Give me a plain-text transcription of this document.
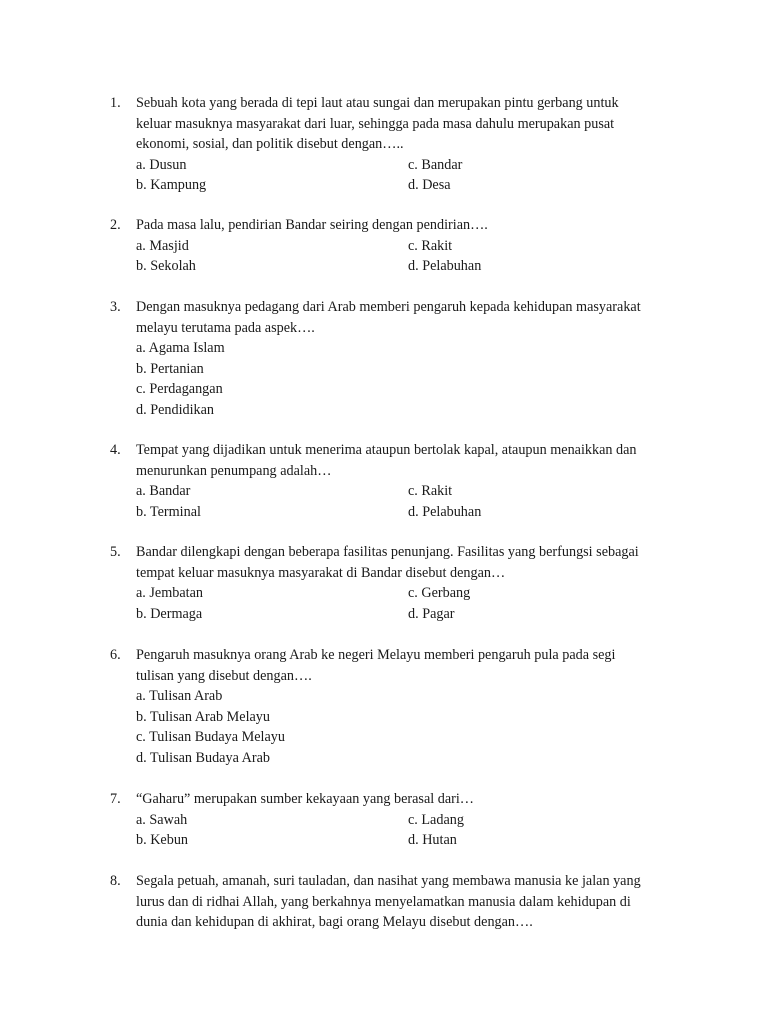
1.	Sebuah kota yang berada di tepi laut atau sungai dan merupakan pintu gerbang untuk
keluar masuknya masyarakat dari luar, sehingga pada masa dahulu merupakan pusat
ekonomi, sosial, dan politik disebut dengan…..
a. Dusun	c. Bandar
b. Kampung	d. Desa
2.	Pada masa lalu, pendirian Bandar seiring dengan pendirian….
a. Masjid	c. Rakit
b. Sekolah	d. Pelabuhan
3.	Dengan masuknya pedagang dari Arab memberi pengaruh kepada kehidupan masyarakat
melayu terutama pada aspek….
a. Agama Islam
b. Pertanian
c. Perdagangan
d. Pendidikan
4.	Tempat yang dijadikan untuk menerima ataupun bertolak kapal, ataupun menaikkan dan
menurunkan penumpang adalah…
a. Bandar	c. Rakit
b. Terminal	d. Pelabuhan
5.	Bandar dilengkapi dengan beberapa fasilitas penunjang. Fasilitas yang berfungsi sebagai
tempat keluar masuknya masyarakat di Bandar disebut dengan…
a. Jembatan	c. Gerbang
b. Dermaga	d. Pagar
6.	Pengaruh masuknya orang Arab ke negeri Melayu memberi pengaruh pula pada segi
tulisan yang disebut dengan….
a. Tulisan Arab
b. Tulisan Arab Melayu
c. Tulisan Budaya Melayu
d. Tulisan Budaya Arab
7.	“Gaharu” merupakan sumber kekayaan yang berasal dari…
a. Sawah	c. Ladang
b. Kebun	d. Hutan
8.	Segala petuah, amanah, suri tauladan, dan nasihat yang membawa manusia ke jalan yang
lurus dan di ridhai Allah, yang berkahnya menyelamatkan manusia dalam kehidupan di
dunia dan kehidupan di akhirat, bagi orang Melayu disebut dengan….
